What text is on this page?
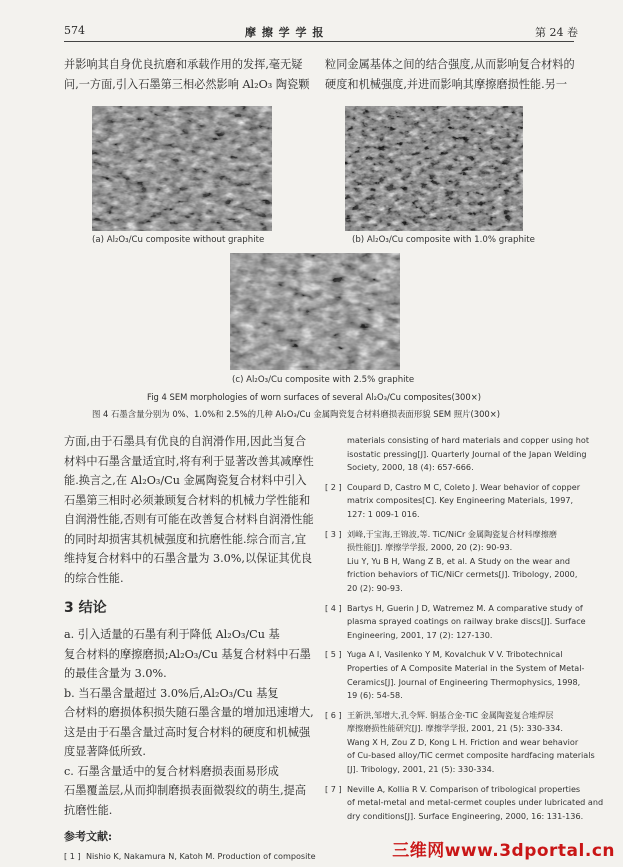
574	摩 擦 学 学 报	第 24 卷

并影响其自身优良抗磨和承载作用的发挥,毫无疑

问,一方面,引入石墨第三相必然影响 Al₂O₃ 陶瓷颗

粒同金属基体之间的结合强度,从而影响复合材料的

硬度和机械强度,并进而影响其摩擦磨损性能.另一

(a) Al₂O₃/Cu composite without graphite	(b) Al₂O₃/Cu composite with 1.0% graphite
(c) Al₂O₃/Cu composite with 2.5% graphite
Fig 4 SEM morphologies of worn surfaces of several Al₂O₃/Cu composites(300×)
图 4 石墨含量分别为 0%、1.0%和 2.5%的几种 Al₂O₃/Cu 金属陶瓷复合材料磨损表面形貌 SEM 照片(300×)

方面,由于石墨具有优良的自润滑作用,因此当复合

材料中石墨含量适宜时,将有利于显著改善其减摩性

能.换言之,在 Al₂O₃/Cu 金属陶瓷复合材料中引入

石墨第三相时必须兼顾复合材料的机械力学性能和

自润滑性能,否则有可能在改善复合材料自润滑性能

的同时却损害其机械强度和抗磨性能.综合而言,宜

维持复合材料中的石墨含量为 3.0%,以保证其优良

的综合性能.

3 结论

a. 引入适量的石墨有利于降低 Al₂O₃/Cu 基

复合材料的摩擦磨损;Al₂O₃/Cu 基复合材料中石墨

的最佳含量为 3.0%.

b. 当石墨含量超过 3.0%后,Al₂O₃/Cu 基复

合材料的磨损体积损失随石墨含量的增加迅速增大,

这是由于石墨含量过高时复合材料的硬度和机械强

度显著降低所致.

c. 石墨含量适中的复合材料磨损表面易形成

石墨覆盖层,从而抑制磨损表面微裂纹的萌生,提高

抗磨性能.

参考文献:
[ 1 ] Nishio K, Nakamura N, Katoh M. Production of composite
materials consisting of hard materials and copper using hot
isostatic pressing[J]. Quarterly Journal of the Japan Welding
Society, 2000, 18 (4): 657-666.
[ 2 ] Coupard D, Castro M C, Coleto J. Wear behavior of copper
matrix composites[C]. Key Engineering Materials, 1997,
127: 1 009-1 016.
[ 3 ] 刘峰,于宝海,王锦波,等. TiC/NiCr 金属陶瓷复合材料摩擦磨
损性能[J]. 摩擦学学报, 2000, 20 (2): 90-93.
Liu Y, Yu B H, Wang Z B, et al. A Study on the wear and
friction behaviors of TiC/NiCr cermets[J]. Tribology, 2000,
20 (2): 90-93.
[ 4 ] Bartys H, Guerin J D, Watremez M. A comparative study of
plasma sprayed coatings on railway brake discs[J]. Surface
Engineering, 2001, 17 (2): 127-130.
[ 5 ] Yuga A I, Vasilenko Y M, Kovalchuk V V. Tribotechnical
Properties of A Composite Material in the System of Metal-
Ceramics[J]. Journal of Engineering Thermophysics, 1998,
19 (6): 54-58.
[ 6 ] 王新洪,邹增大,孔令辉. 铜基合金-TiC 金属陶瓷复合堆焊层
摩擦磨损性能研究[J]. 摩擦学学报, 2001, 21 (5): 330-334.
Wang X H, Zou Z D, Kong L H. Friction and wear behavior
of Cu-based alloy/TiC cermet composite hardfacing materials
[J]. Tribology, 2001, 21 (5): 330-334.
[ 7 ] Neville A, Kollia R V. Comparison of tribological properties
of metal-metal and metal-cermet couples under lubricated and
dry conditions[J]. Surface Engineering, 2000, 16: 131-136.
三维网www.3dportal.cn
